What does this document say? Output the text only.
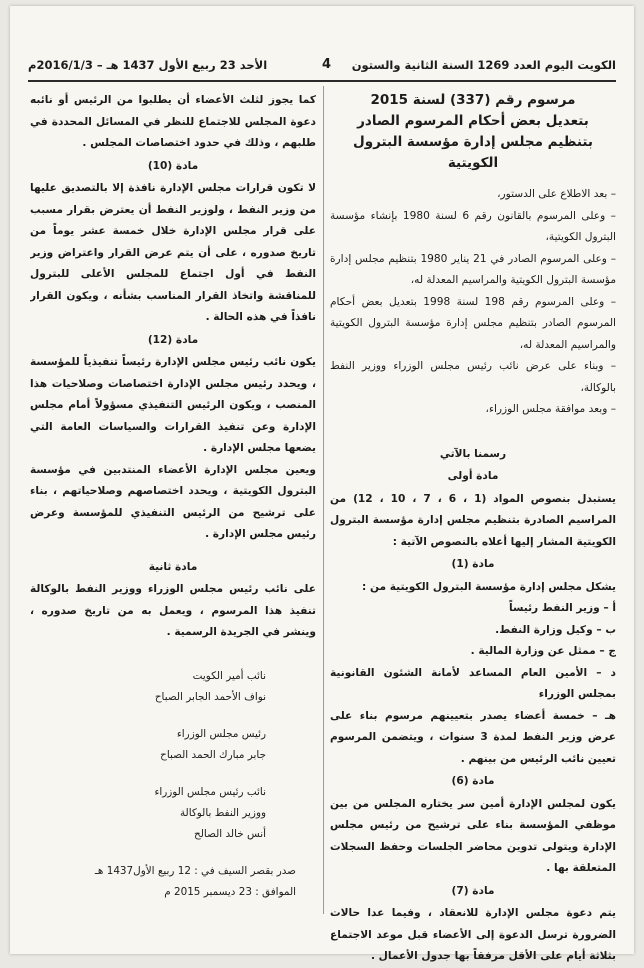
الكويت اليوم العدد 1269 السنة الثانية والستون
4
الأحد 23 ربيع الأول 1437 هـ – 2016/1/3م

مرسوم رقم (337) لسنة 2015

بتعديل بعض أحكام المرسوم الصادر

بتنظيم مجلس إدارة مؤسسة البترول الكويتية

– بعد الاطلاع على الدستور،

– وعلى المرسوم بالقانون رقم 6 لسنة 1980 بإنشاء مؤسسة البترول الكويتية،

– وعلى المرسوم الصادر في 21 يناير 1980 بتنظيم مجلس إدارة مؤسسة البترول الكويتية والمراسيم المعدلة له،

– وعلى المرسوم رقم 198 لسنة 1998 بتعديل بعض أحكام المرسوم الصادر بتنظيم مجلس إدارة مؤسسة البترول الكويتية والمراسيم المعدلة له،

– وبناء على عرض نائب رئيس مجلس الوزراء ووزير النفط بالوكالة،

– وبعد موافقة مجلس الوزراء،

رسمنا بالآتي

مادة أولى

يستبدل بنصوص المواد (1 ، 6 ، 7 ، 10 ، 12) من المراسيم الصادرة بتنظيم مجلس إدارة مؤسسة البترول الكويتية المشار إليها أعلاه بالنصوص الآتية :

مادة (1)

يشكل مجلس إدارة مؤسسة البترول الكويتية من :

أ – وزير النفط رئيساً

ب – وكيل وزارة النفط.

ج – ممثل عن وزارة المالية .

د – الأمين العام المساعد لأمانة الشئون القانونية بمجلس الوزراء

هـ – خمسة أعضاء يصدر بتعيينهم مرسوم بناء على عرض وزير النفط لمدة 3 سنوات ، ويتضمن المرسوم تعيين نائب الرئيس من بينهم .

مادة (6)

يكون لمجلس الإدارة أمين سر يختاره المجلس من بين موظفي المؤسسة بناء على ترشيح من رئيس مجلس الإدارة ويتولى تدوين محاضر الجلسات وحفظ السجلات المتعلقة بها .

مادة (7)

يتم دعوة مجلس الإدارة للانعقاد ، وفيما عدا حالات الضرورة ترسل الدعوة إلى الأعضاء قبل موعد الاجتماع بثلاثة أيام على الأقل مرفقاً بها جدول الأعمال .

كما يجوز لثلث الأعضاء أن يطلبوا من الرئيس أو نائبه دعوة المجلس للاجتماع للنظر في المسائل المحددة في طلبهم ، وذلك في حدود اختصاصات المجلس .

مادة (10)

لا تكون قرارات مجلس الإدارة نافذة إلا بالتصديق عليها من وزير النفط ، ولوزير النفط أن يعترض بقرار مسبب على قرار مجلس الإدارة خلال خمسة عشر يوماً من تاريخ صدوره ، على أن يتم عرض القرار واعتراض وزير النفط في أول اجتماع للمجلس الأعلى للبترول للمناقشة واتخاذ القرار المناسب بشأنه ، ويكون القرار نافذاً في هذه الحالة .

مادة (12)

يكون نائب رئيس مجلس الإدارة رئيساً تنفيذياً للمؤسسة ، ويحدد رئيس مجلس الإدارة اختصاصات وصلاحيات هذا المنصب ، ويكون الرئيس التنفيذي مسؤولاً أمام مجلس الإدارة وعن تنفيذ القرارات والسياسات العامة التي يضعها مجلس الإدارة .

ويعين مجلس الإدارة الأعضاء المنتدبين في مؤسسة البترول الكويتية ، ويحدد اختصاصهم وصلاحياتهم ، بناء على ترشيح من الرئيس التنفيذي للمؤسسة وعرض رئيس مجلس الإدارة .

مادة ثانية

على نائب رئيس مجلس الوزراء ووزير النفط بالوكالة تنفيذ هذا المرسوم ، ويعمل به من تاريخ صدوره ، وينشر في الجريدة الرسمية .

نائب أمير الكويت

نواف الأحمد الجابر الصباح

رئيس مجلس الوزراء

جابر مبارك الحمد الصباح

نائب رئيس مجلس الوزراء

ووزير النفط بالوكالة

أنس خالد الصالح

صدر بقصر السيف في : 12 ربيع الأول1437 هـ

الموافق : 23 ديسمبر 2015 م
